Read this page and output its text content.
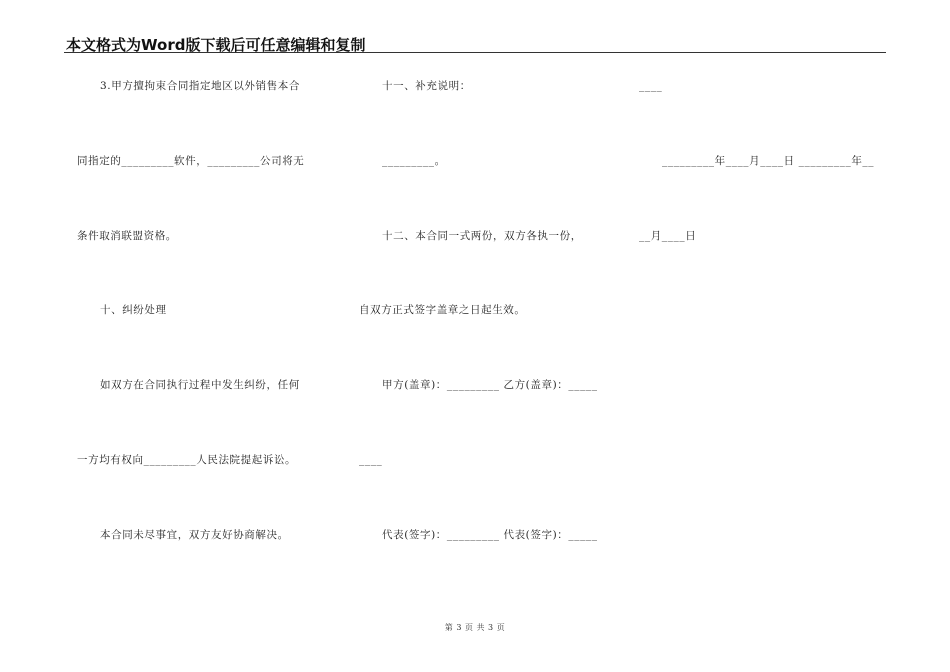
本文格式为Word版下载后可任意编辑和复制
3.甲方擅拘束合同指定地区以外销售本合
同指定的_________软件，_________公司将无
条件取消联盟资格。
十、纠纷处理
如双方在合同执行过程中发生纠纷，任何
一方均有权向_________人民法院提起诉讼。
本合同未尽事宜，双方友好协商解决。
十一、补充说明：
_________。
十二、本合同一式两份，双方各执一份，
自双方正式签字盖章之日起生效。
甲方(盖章)：_________ 乙方(盖章)：_____
____
代表(签字)：_________ 代表(签字)：_____
____
_________年____月____日 _________年__
__月____日
第 3 页 共 3 页
